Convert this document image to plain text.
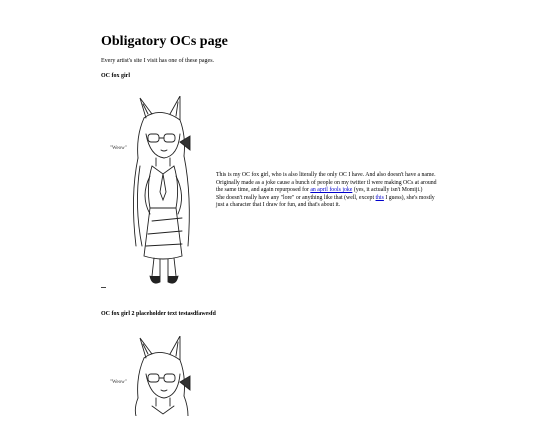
Obligatory OCs page

Every artist's site I visit has one of these pages.

OC fox girl

"Weow"
This is my OC fox girl, who is also literally the only OC I have. And also doesn't have a name. Originally made as a joke cause a bunch of people on my twitter tl were making OCs at around the same time, and again repurposed for an april fools joke (yes, it actually isn't Momiji.)
She doesn't really have any "lore" or anything like that (well, except this I guess), she's mostly just a character that I draw for fun, and that's about it.

OC fox girl 2 placeholder text testasdfawesfd

"Weow"
